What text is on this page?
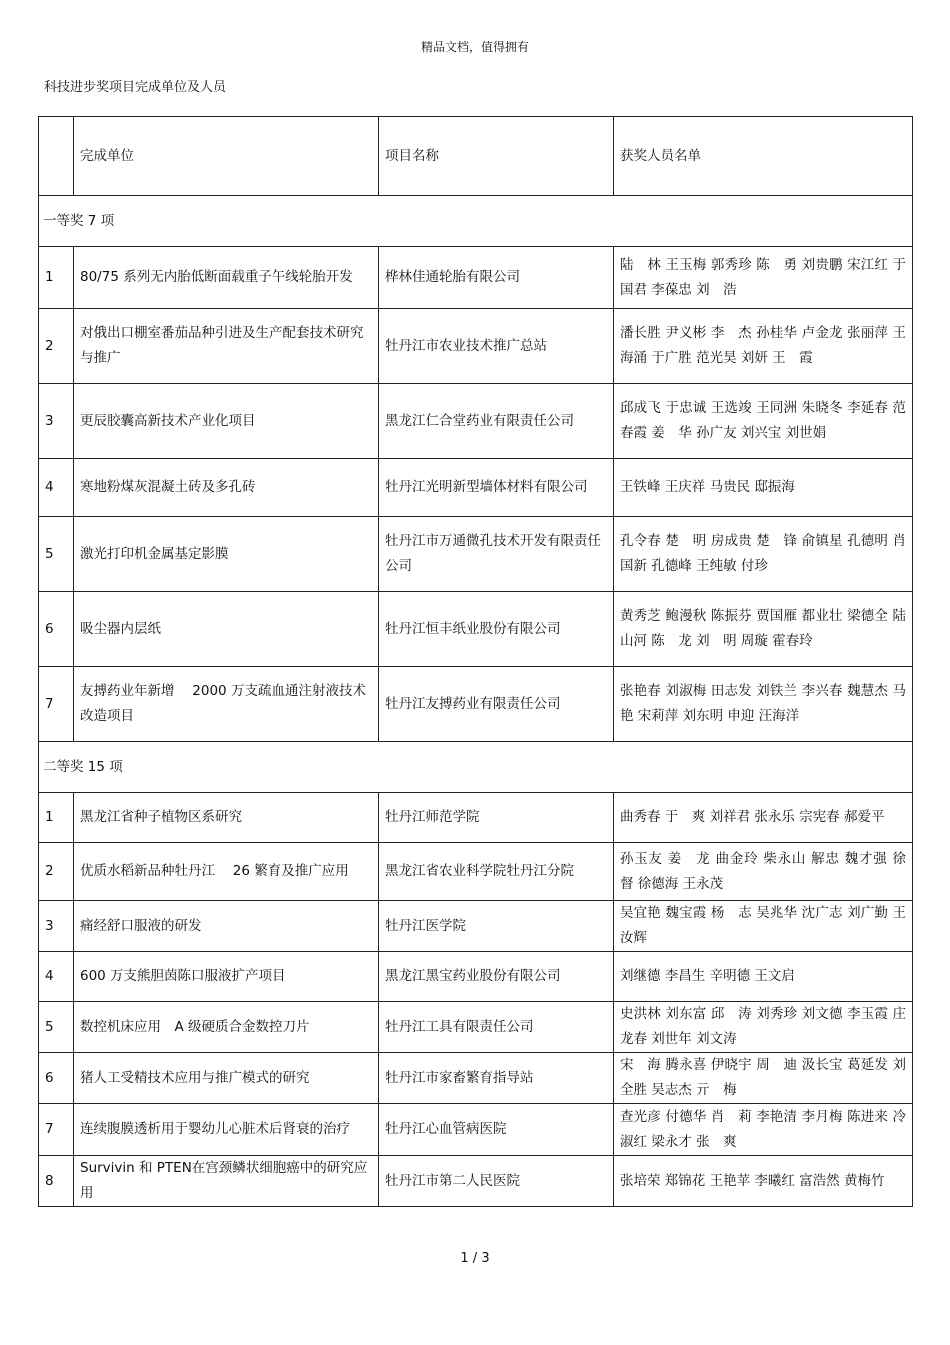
精品文档，值得拥有
科技进步奖项目完成单位及人员
	完成单位	项目名称	获奖人员名单
一等奖 7 项			
1	80/75 系列无内胎低断面载重子午线轮胎开发	桦林佳通轮胎有限公司	陆　林 王玉梅 郭秀珍 陈　勇 刘贵鹏 宋江红 于国君 李葆忠 刘　浩
2	对俄出口棚室番茄品种引进及生产配套技术研究与推广	牡丹江市农业技术推广总站	潘长胜 尹义彬 李　杰 孙桂华 卢金龙 张丽萍 王海涌 于广胜 范光昊 刘妍 王　霞
3	更辰胶囊高新技术产业化项目	黑龙江仁合堂药业有限责任公司	邱成飞 于忠诚 王选竣 王同洲 朱晓冬 李延春 范春霞 姜　华 孙广友 刘兴宝 刘世娟
4	寒地粉煤灰混凝土砖及多孔砖	牡丹江光明新型墙体材料有限公司	王铁峰 王庆祥 马贵民 邸振海
5	激光打印机金属基定影膜	牡丹江市万通微孔技术开发有限责任公司	孔令春 楚　明 房成贵 楚　锋 俞镇星 孔德明 肖国新 孔德峰 王纯敏 付珍
6	吸尘器内层纸	牡丹江恒丰纸业股份有限公司	黄秀芝 鲍漫秋 陈振芬 贾国雁 都业壮 梁德全 陆山河 陈　龙 刘　明 周璇 霍春玲
7	友搏药业年新增　 2000 万支疏血通注射液技术改造项目	牡丹江友搏药业有限责任公司	张艳春 刘淑梅 田志发 刘铁兰 李兴春 魏慧杰 马　艳 宋莉萍 刘东明 申迎 汪海洋
二等奖 15 项			
1	黑龙江省种子植物区系研究	牡丹江师范学院	曲秀春 于　爽 刘祥君 张永乐 宗宪春 郝爱平
2	优质水稻新品种牡丹江　 26 繁育及推广应用	黑龙江省农业科学院牡丹江分院	孙玉友 姜　龙 曲金玲 柴永山 解忠 魏才强 徐　督 徐德海 王永茂
3	痛经舒口服液的研发	牡丹江医学院	吴宜艳 魏宝霞 杨　志 吴兆华 沈广志 刘广勤 王汝辉
4	600 万支熊胆茵陈口服液扩产项目	黑龙江黑宝药业股份有限公司	刘继德 李昌生 辛明德 王文启
5	数控机床应用　A 级硬质合金数控刀片	牡丹江工具有限责任公司	史洪林 刘东富 邱　涛 刘秀珍 刘文德 李玉霞 庄龙春 刘世年 刘文涛
6	猪人工受精技术应用与推广模式的研究	牡丹江市家畜繁育指导站	宋　海 腾永喜 伊晓宇 周　迪 汲长宝 葛延发 刘全胜 吴志杰 亓　梅
7	连续腹膜透析用于婴幼儿心脏术后肾衰的治疗	牡丹江心血管病医院	查光彦 付德华 肖　莉 李艳清 李月梅 陈进来 冷淑红 梁永才 张　爽
8	Survivin 和 PTEN在宫颈鳞状细胞癌中的研究应用	牡丹江市第二人民医院	张培荣 郑锦花 王艳苹 李曦红 富浩然 黄梅竹
1 / 3
